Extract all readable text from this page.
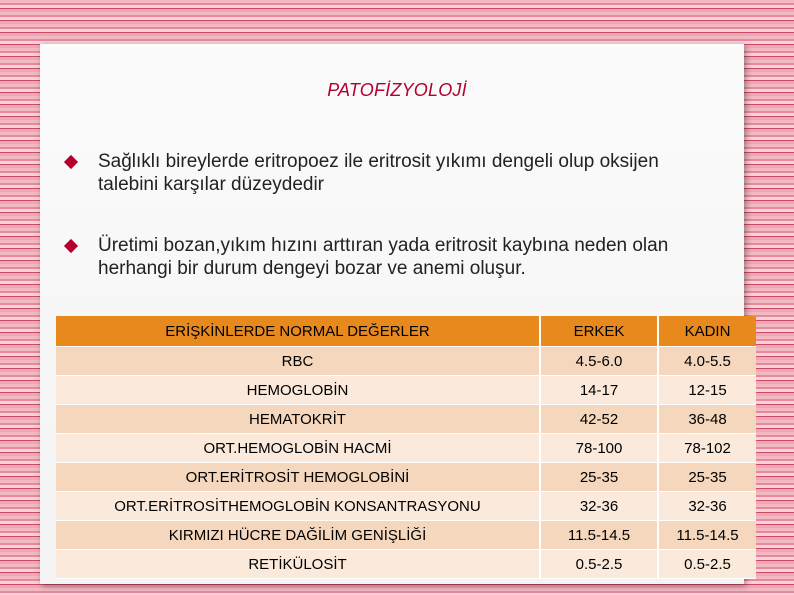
PATOFİZYOLOJİ
Sağlıklı bireylerde eritropoez ile eritrosit yıkımı dengeli olup oksijen talebini karşılar düzeydedir
Üretimi bozan,yıkım hızını arttıran yada eritrosit kaybına neden olan herhangi bir durum dengeyi bozar ve anemi oluşur.
ERİŞKİNLERDE NORMAL DEĞERLER	ERKEK	KADIN
RBC	4.5-6.0	4.0-5.5
HEMOGLOBİN	14-17	12-15
HEMATOKRİT	42-52	36-48
ORT.HEMOGLOBİN HACMİ	78-100	78-102
ORT.ERİTROSİT HEMOGLOBİNİ	25-35	25-35
ORT.ERİTROSİTHEMOGLOBİN KONSANTRASYONU	32-36	32-36
KIRMIZI HÜCRE DAĞİLİM GENİŞLİĞİ	11.5-14.5	11.5-14.5
RETİKÜLOSİT	0.5-2.5	0.5-2.5
